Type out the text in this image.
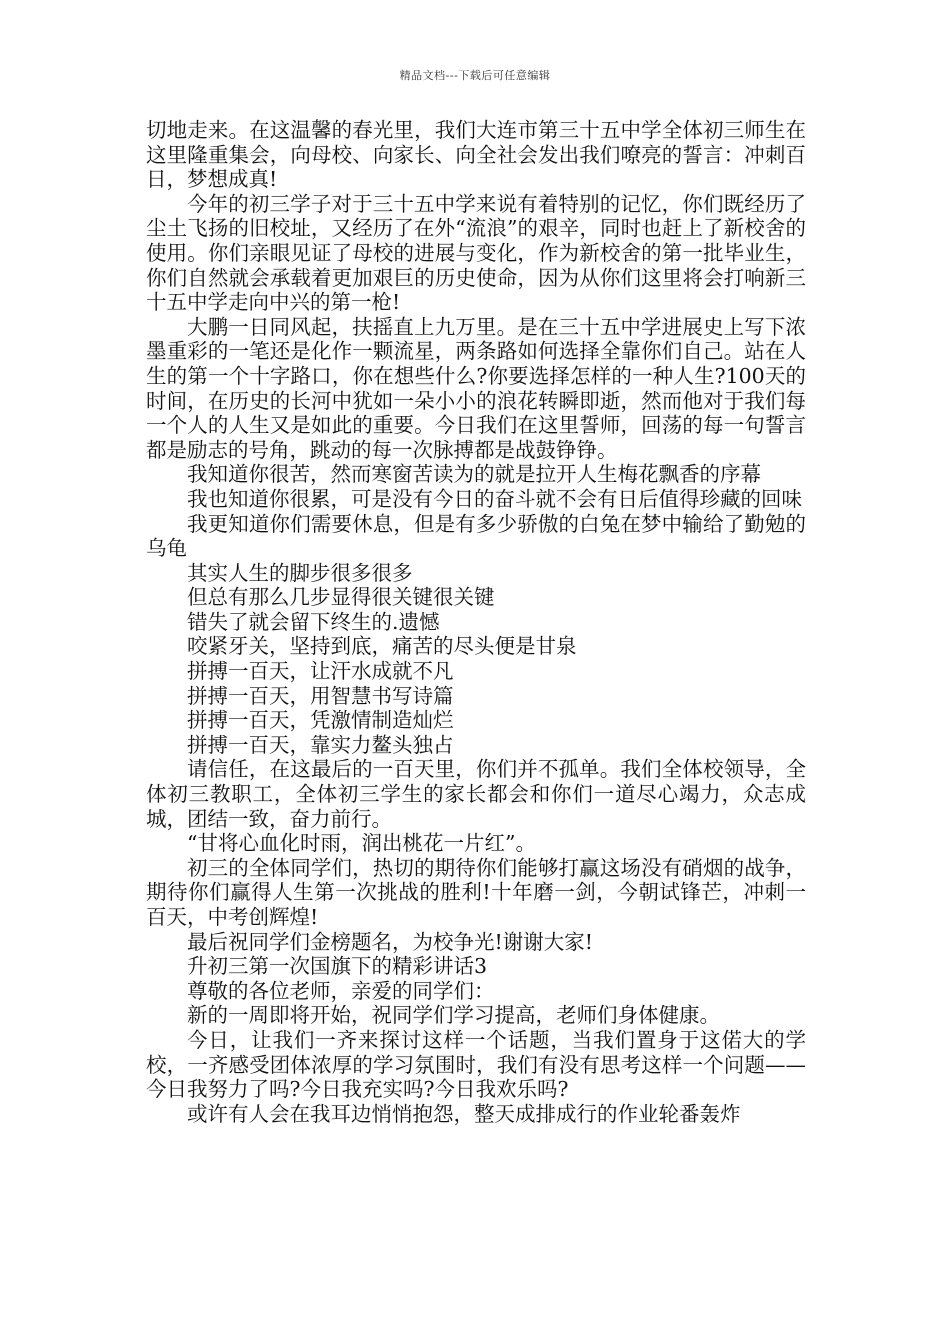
精品文档---下载后可任意编辑

切地走来。在这温馨的春光里，我们大连市第三十五中学全体初三师生在这里隆重集会，向母校、向家长、向全社会发出我们嘹亮的誓言：冲刺百日，梦想成真!

今年的初三学子对于三十五中学来说有着特别的记忆，你们既经历了尘土飞扬的旧校址，又经历了在外“流浪”的艰辛，同时也赶上了新校舍的使用。你们亲眼见证了母校的进展与变化，作为新校舍的第一批毕业生，你们自然就会承载着更加艰巨的历史使命，因为从你们这里将会打响新三十五中学走向中兴的第一枪!

大鹏一日同风起，扶摇直上九万里。是在三十五中学进展史上写下浓墨重彩的一笔还是化作一颗流星，两条路如何选择全靠你们自己。站在人生的第一个十字路口，你在想些什么?你要选择怎样的一种人生?100天的时间，在历史的长河中犹如一朵小小的浪花转瞬即逝，然而他对于我们每一个人的人生又是如此的重要。今日我们在这里誓师，回荡的每一句誓言都是励志的号角，跳动的每一次脉搏都是战鼓铮铮。

我知道你很苦，然而寒窗苦读为的就是拉开人生梅花飘香的序幕

我也知道你很累，可是没有今日的奋斗就不会有日后值得珍藏的回味

我更知道你们需要休息，但是有多少骄傲的白兔在梦中输给了勤勉的乌龟

其实人生的脚步很多很多

但总有那么几步显得很关键很关键

错失了就会留下终生的.遗憾

咬紧牙关，坚持到底，痛苦的尽头便是甘泉

拼搏一百天，让汗水成就不凡

拼搏一百天，用智慧书写诗篇

拼搏一百天，凭激情制造灿烂

拼搏一百天，靠实力鳌头独占

请信任，在这最后的一百天里，你们并不孤单。我们全体校领导，全体初三教职工，全体初三学生的家长都会和你们一道尽心竭力，众志成城，团结一致，奋力前行。

“甘将心血化时雨，润出桃花一片红”。

初三的全体同学们，热切的期待你们能够打赢这场没有硝烟的战争，期待你们赢得人生第一次挑战的胜利!十年磨一剑，今朝试锋芒，冲刺一百天，中考创辉煌!

最后祝同学们金榜题名，为校争光!谢谢大家!

升初三第一次国旗下的精彩讲话3

尊敬的各位老师，亲爱的同学们：

新的一周即将开始，祝同学们学习提高，老师们身体健康。

今日，让我们一齐来探讨这样一个话题，当我们置身于这偌大的学校，一齐感受团体浓厚的学习氛围时，我们有没有思考这样一个问题——今日我努力了吗?今日我充实吗?今日我欢乐吗?

或许有人会在我耳边悄悄抱怨，整天成排成行的作业轮番轰炸
